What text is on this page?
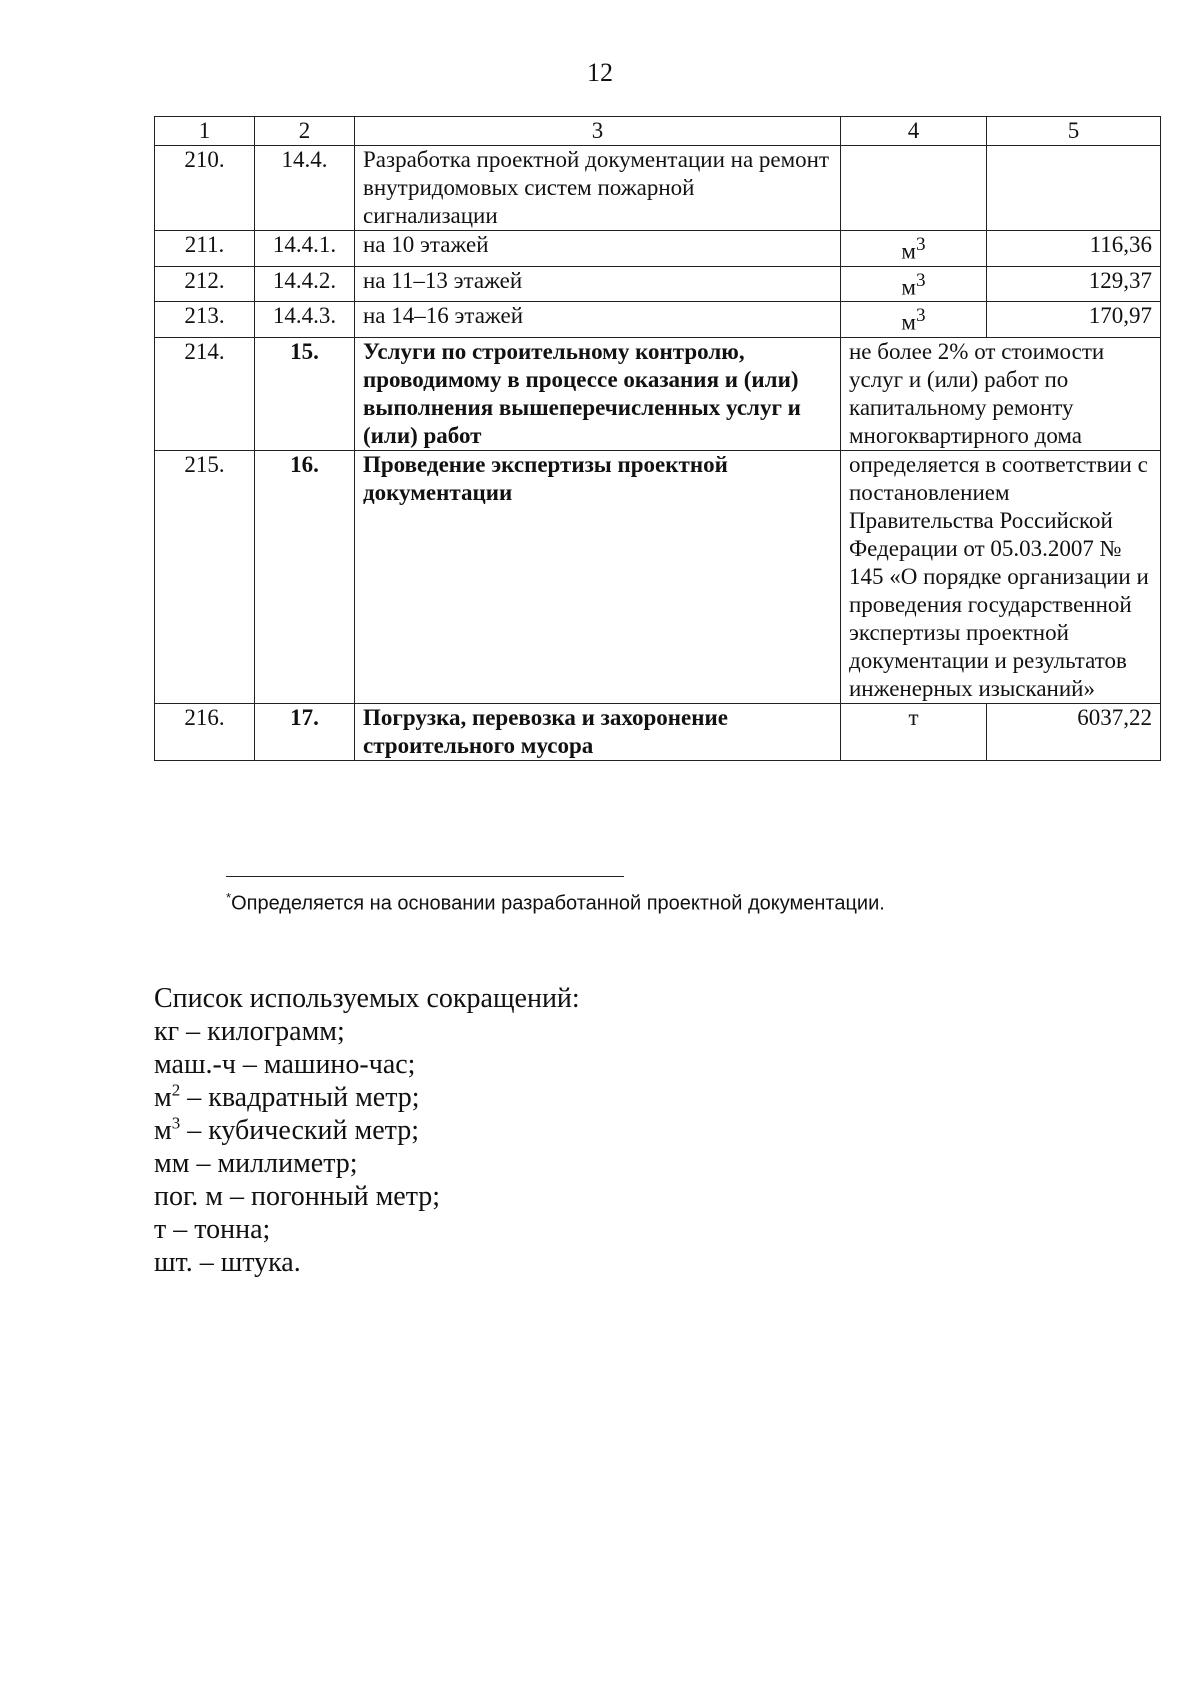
12
1	2	3	4	5
210.	14.4.	Разработка проектной документации на ремонт внутридомовых систем пожарной сигнализации		
211.	14.4.1.	на 10 этажей	$м^3$	116,36
212.	14.4.2.	на 11–13 этажей	$м^3$	129,37
213.	14.4.3.	на 14–16 этажей	$м^3$	170,97
214.	15.	Услуги по строительному контролю, проводимому в процессе оказания и (или) выполнения вышеперечисленных услуг и (или) работ	не более 2% от стоимости услуг и (или) работ по капитальному ремонту многоквартирного дома	
215.	16.	Проведение экспертизы проектной документации	определяется в соответствии с постановлением Правительства Российской Федерации от 05.03.2007 № 145 «О порядке организации и проведения государственной экспертизы проектной документации и результатов инженерных изысканий»	
216.	17.	Погрузка, перевозка и захоронение строительного мусора	т	6037,22
*Определяется на основании разработанной проектной документации.
Список используемых сокращений:
кг – килограмм;
маш.-ч – машино-час;
$м^2$ – квадратный метр;
$м^3$ – кубический метр;
мм – миллиметр;
пог. м – погонный метр;
т – тонна;
шт. – штука.
